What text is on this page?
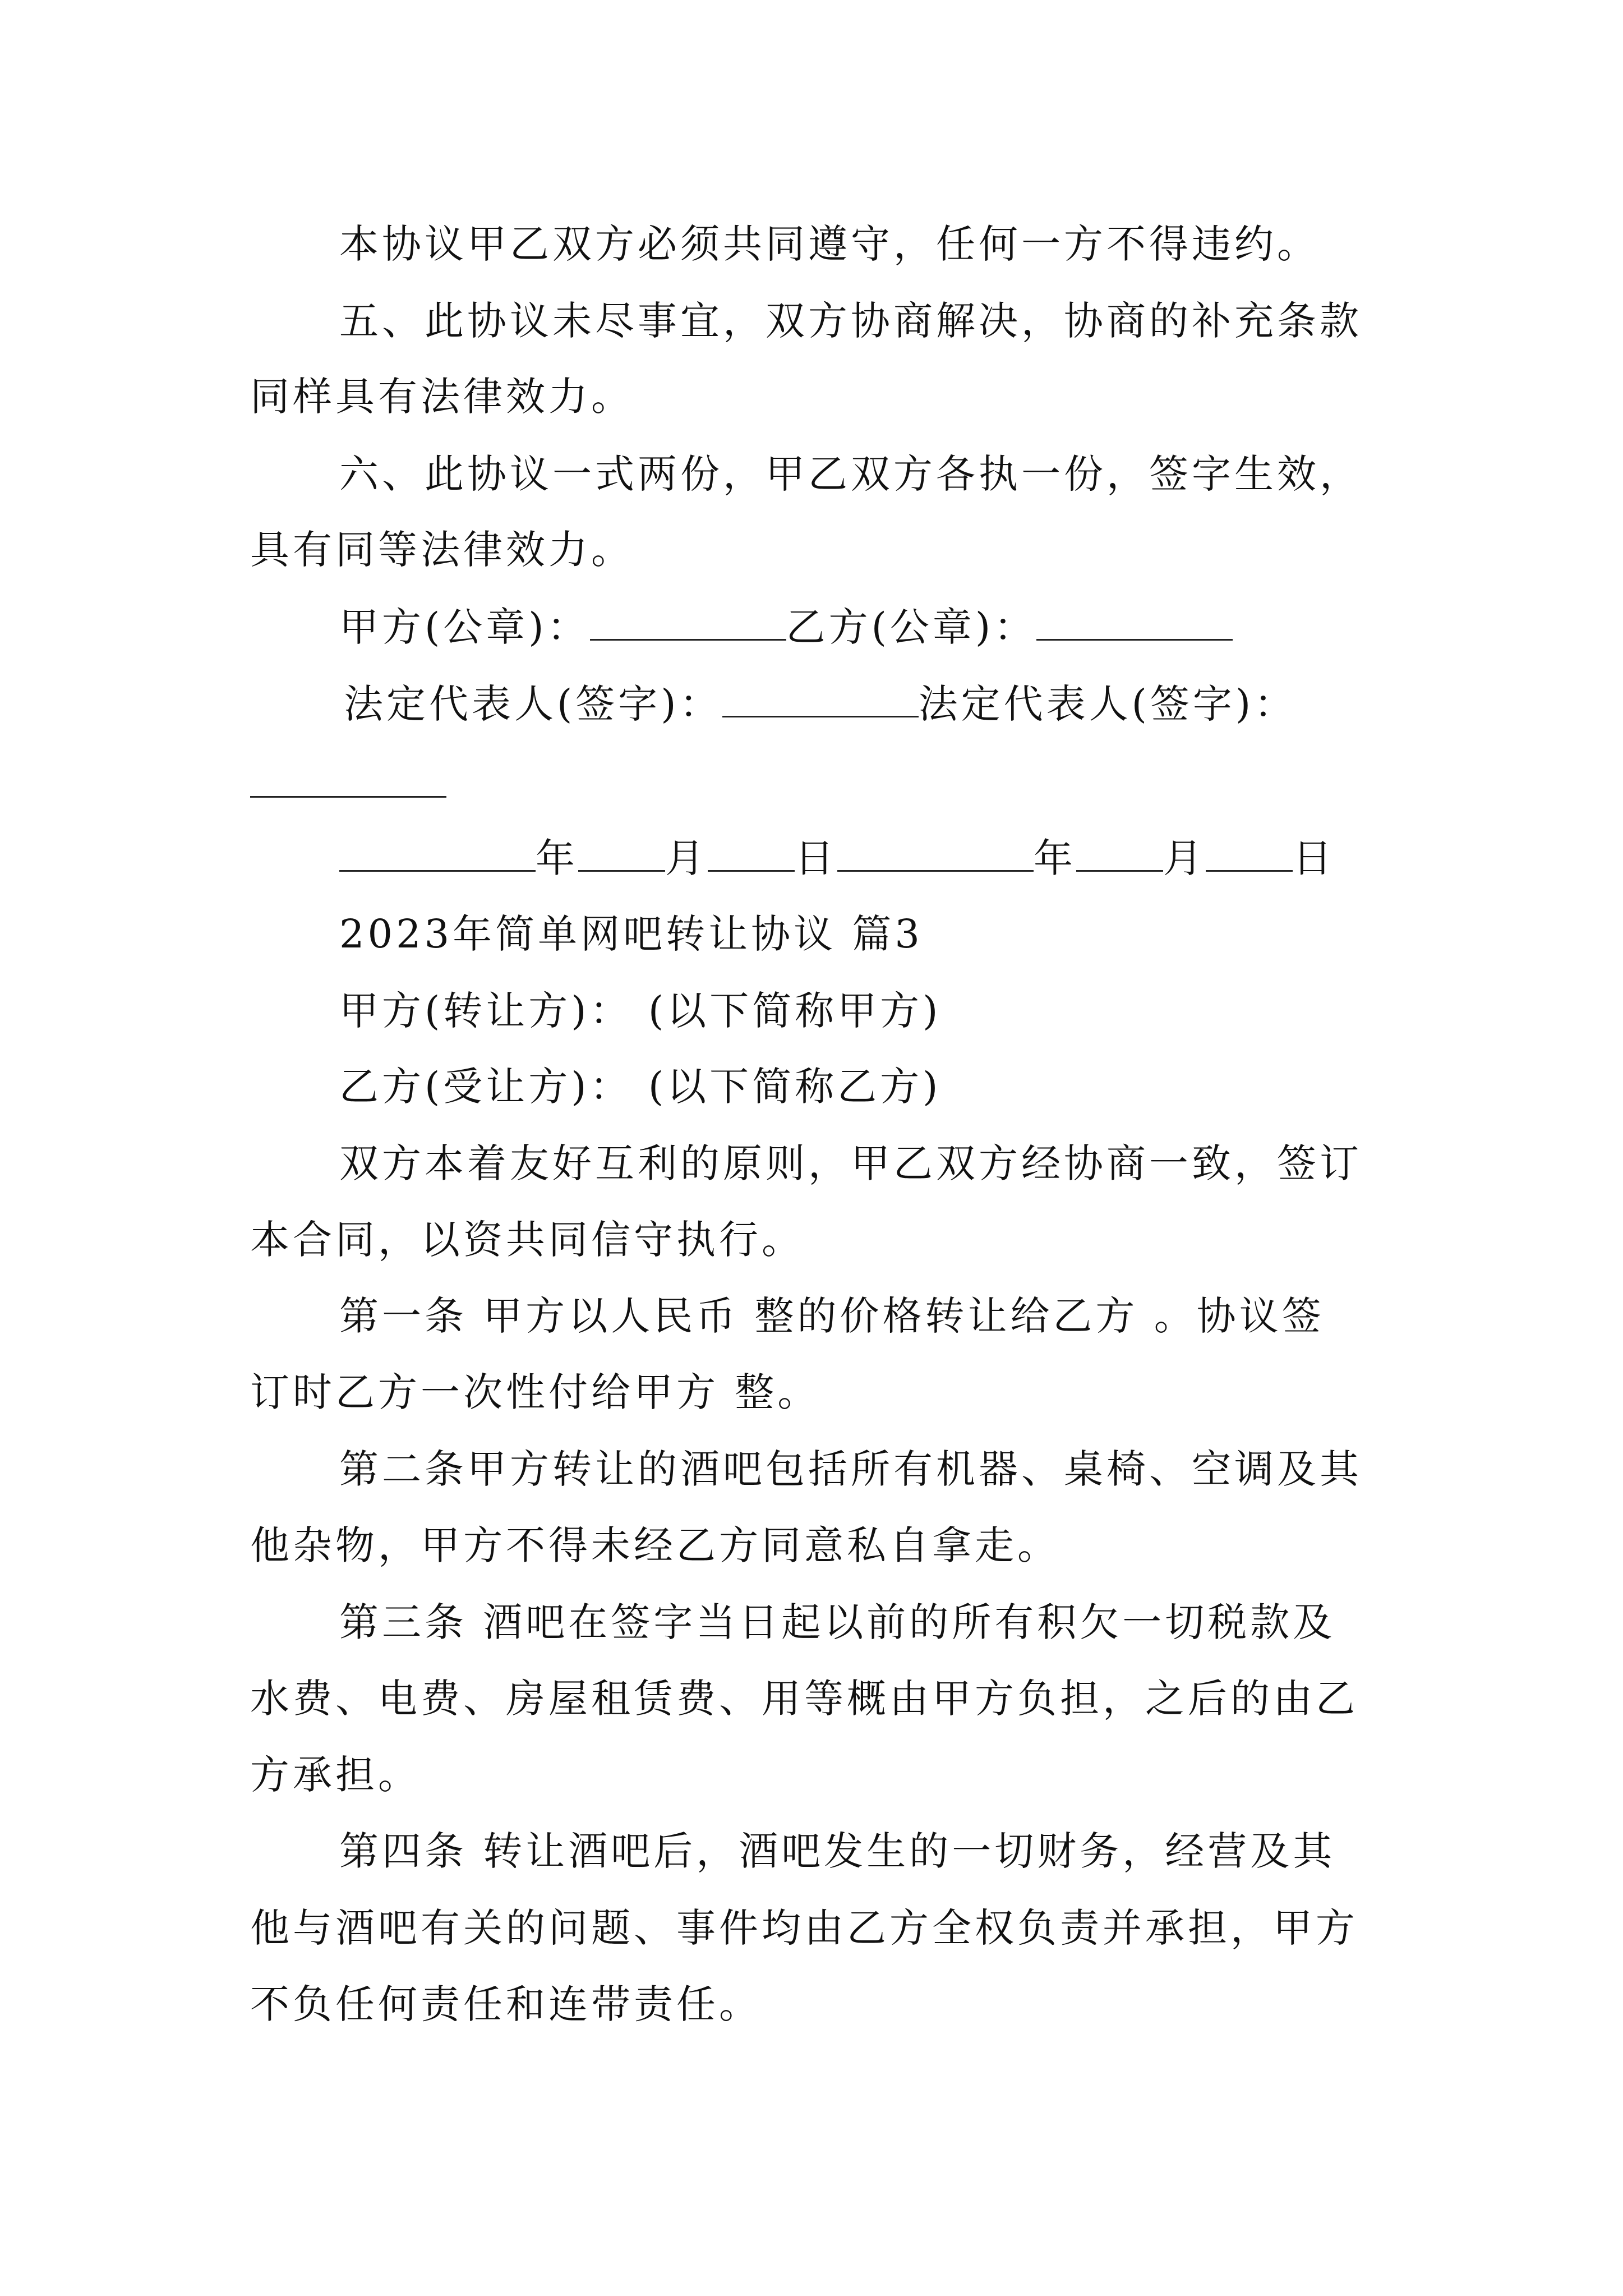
本协议甲乙双方必须共同遵守，任何一方不得违约。
五、此协议未尽事宜，双方协商解决，协商的补充条款
同样具有法律效力。
六、此协议一式两份，甲乙双方各执一份，签字生效，
具有同等法律效力。
甲方(公章)：	乙方(公章)：
法定代表人(签字)：	法定代表人(签字)：
年 月 日	年 月 日
2023年简单网吧转让协议 篇3
甲方(转让方)： (以下简称甲方)
乙方(受让方)： (以下简称乙方)
双方本着友好互利的原则，甲乙双方经协商一致，签订
本合同，以资共同信守执行。
第一条 甲方以人民币 整的价格转让给乙方 。协议签
订时乙方一次性付给甲方 整。
第二条甲方转让的酒吧包括所有机器、桌椅、空调及其
他杂物，甲方不得未经乙方同意私自拿走。
第三条 酒吧在签字当日起以前的所有积欠一切税款及
水费、电费、房屋租赁费、用等概由甲方负担，之后的由乙
方承担。
第四条 转让酒吧后，酒吧发生的一切财务，经营及其
他与酒吧有关的问题、事件均由乙方全权负责并承担，甲方
不负任何责任和连带责任。
